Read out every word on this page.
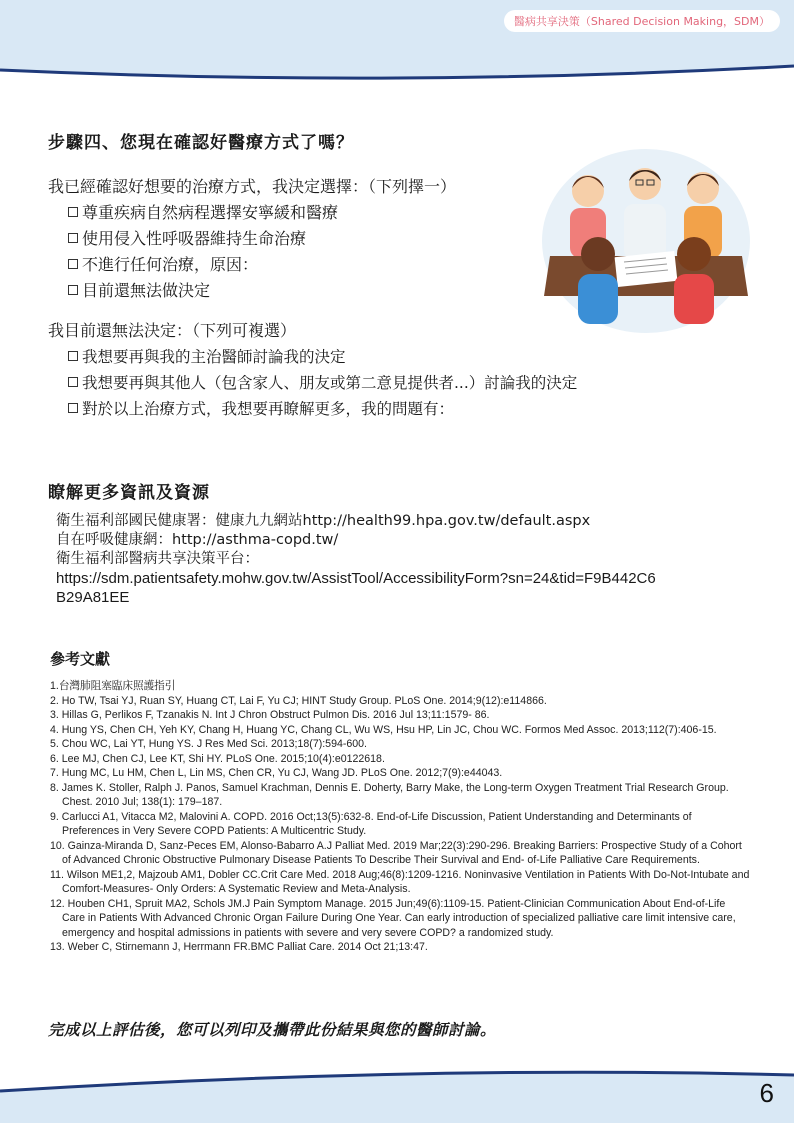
醫病共享決策（Shared Decision Making，SDM）
步驟四、您現在確認好醫療方式了嗎？

我已經確認好想要的治療方式，我決定選擇：（下列擇一）

尊重疾病自然病程選擇安寧緩和醫療
使用侵入性呼吸器維持生命治療
不進行任何治療，原因：
目前還無法做決定

我目前還無法決定：（下列可複選）

我想要再與我的主治醫師討論我的決定
我想要再與其他人（包含家人、朋友或第二意見提供者...）討論我的決定
對於以上治療方式，我想要再瞭解更多，我的問題有：
瞭解更多資訊及資源
衛生福利部國民健康署：健康九九網站http://health99.hpa.gov.tw/default.aspx
自在呼吸健康網：http://asthma-copd.tw/
衛生福利部醫病共享決策平台：
https://sdm.patientsafety.mohw.gov.tw/AssistTool/AccessibilityForm?sn=24&tid=F9B442C6
B29A81EE
參考文獻
1.台灣肺阻塞臨床照護指引
2. Ho TW, Tsai YJ, Ruan SY, Huang CT, Lai F, Yu CJ; HINT Study Group. PLoS One. 2014;9(12):e114866.
3. Hillas G, Perlikos F, Tzanakis N. Int J Chron Obstruct Pulmon Dis. 2016 Jul 13;11:1579- 86.
4. Hung YS, Chen CH, Yeh KY, Chang H, Huang YC, Chang CL, Wu WS, Hsu HP, Lin JC, Chou WC. Formos Med Assoc. 2013;112(7):406-15.
5. Chou WC, Lai YT, Hung YS. J Res Med Sci. 2013;18(7):594-600.
6. Lee MJ, Chen CJ, Lee KT, Shi HY. PLoS One. 2015;10(4):e0122618.
7. Hung MC, Lu HM, Chen L, Lin MS, Chen CR, Yu CJ, Wang JD. PLoS One. 2012;7(9):e44043.
8. James K. Stoller, Ralph J. Panos, Samuel Krachman, Dennis E. Doherty, Barry Make, the Long-term Oxygen Treatment Trial Research Group. Chest. 2010 Jul; 138(1): 179–187.
9. Carlucci A1, Vitacca M2, Malovini A. COPD. 2016 Oct;13(5):632-8. End-of-Life Discussion, Patient Understanding and Determinants of Preferences in Very Severe COPD Patients: A Multicentric Study.
10. Gainza-Miranda D, Sanz-Peces EM, Alonso-Babarro A.J Palliat Med. 2019 Mar;22(3):290-296. Breaking Barriers: Prospective Study of a Cohort of Advanced Chronic Obstructive Pulmonary Disease Patients To Describe Their Survival and End- of-Life Palliative Care Requirements.
11. Wilson ME1,2, Majzoub AM1, Dobler CC.Crit Care Med. 2018 Aug;46(8):1209-1216. Noninvasive Ventilation in Patients With Do-Not-Intubate and Comfort-Measures- Only Orders: A Systematic Review and Meta-Analysis.
12. Houben CH1, Spruit MA2, Schols JM.J Pain Symptom Manage. 2015 Jun;49(6):1109-15. Patient-Clinician Communication About End-of-Life Care in Patients With Advanced Chronic Organ Failure During One Year. Can early introduction of specialized palliative care limit intensive care, emergency and hospital admissions in patients with severe and very severe COPD? a randomized study.
13. Weber C, Stirnemann J, Herrmann FR.BMC Palliat Care. 2014 Oct 21;13:47.
完成以上評估後，您可以列印及攜帶此份結果與您的醫師討論。
6
